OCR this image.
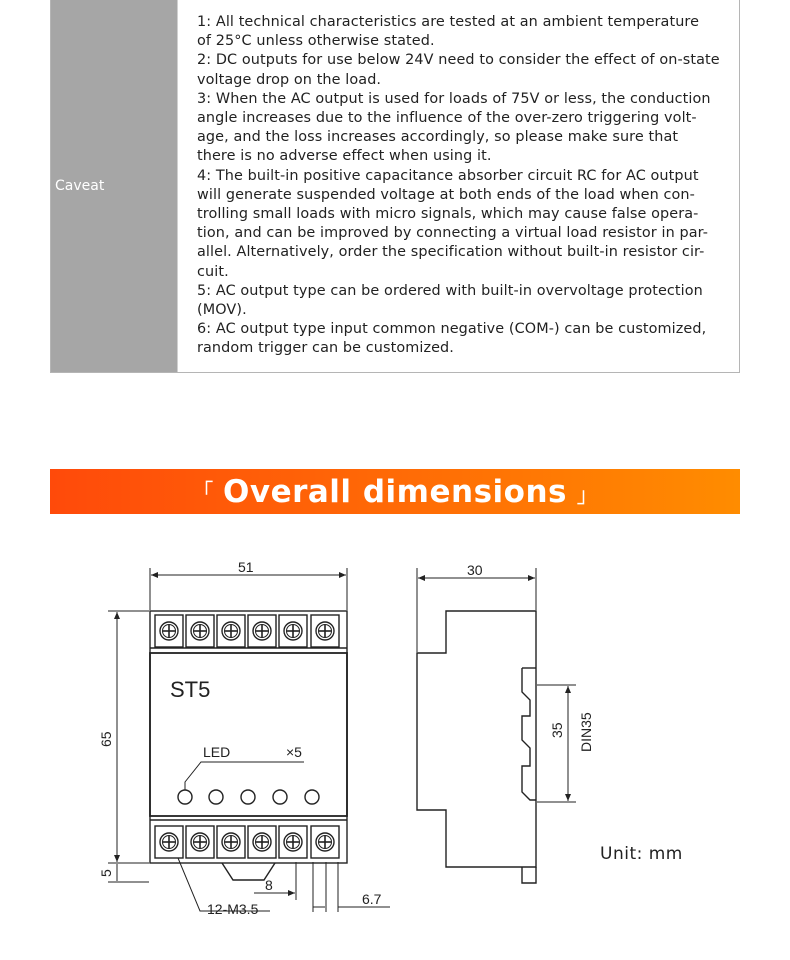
Caveat
1: All technical characteristics are tested at an ambient temperature
of 25°C unless otherwise stated.
2: DC outputs for use below 24V need to consider the effect of on-state
voltage drop on the load.
3: When the AC output is used for loads of 75V or less, the conduction
angle increases due to the influence of the over-zero triggering volt-
age, and the loss increases accordingly, so please make sure that
there is no adverse effect when using it.
4: The built-in positive capacitance absorber circuit RC for AC output
will generate suspended voltage at both ends of the load when con-
trolling small loads with micro signals, which may cause false opera-
tion, and can be improved by connecting a virtual load resistor in par-
allel. Alternatively, order the specification without built-in resistor cir-
cuit.
5: AC output type can be ordered with built-in overvoltage protection
(MOV).
6: AC output type input common negative (COM-) can be customized,
random trigger can be customized.
「 Overall dimensions 」
ST5
LED	×5
51
65
5
8
6.7
12-M3.5
30
35 DIN35
Unit: mm
